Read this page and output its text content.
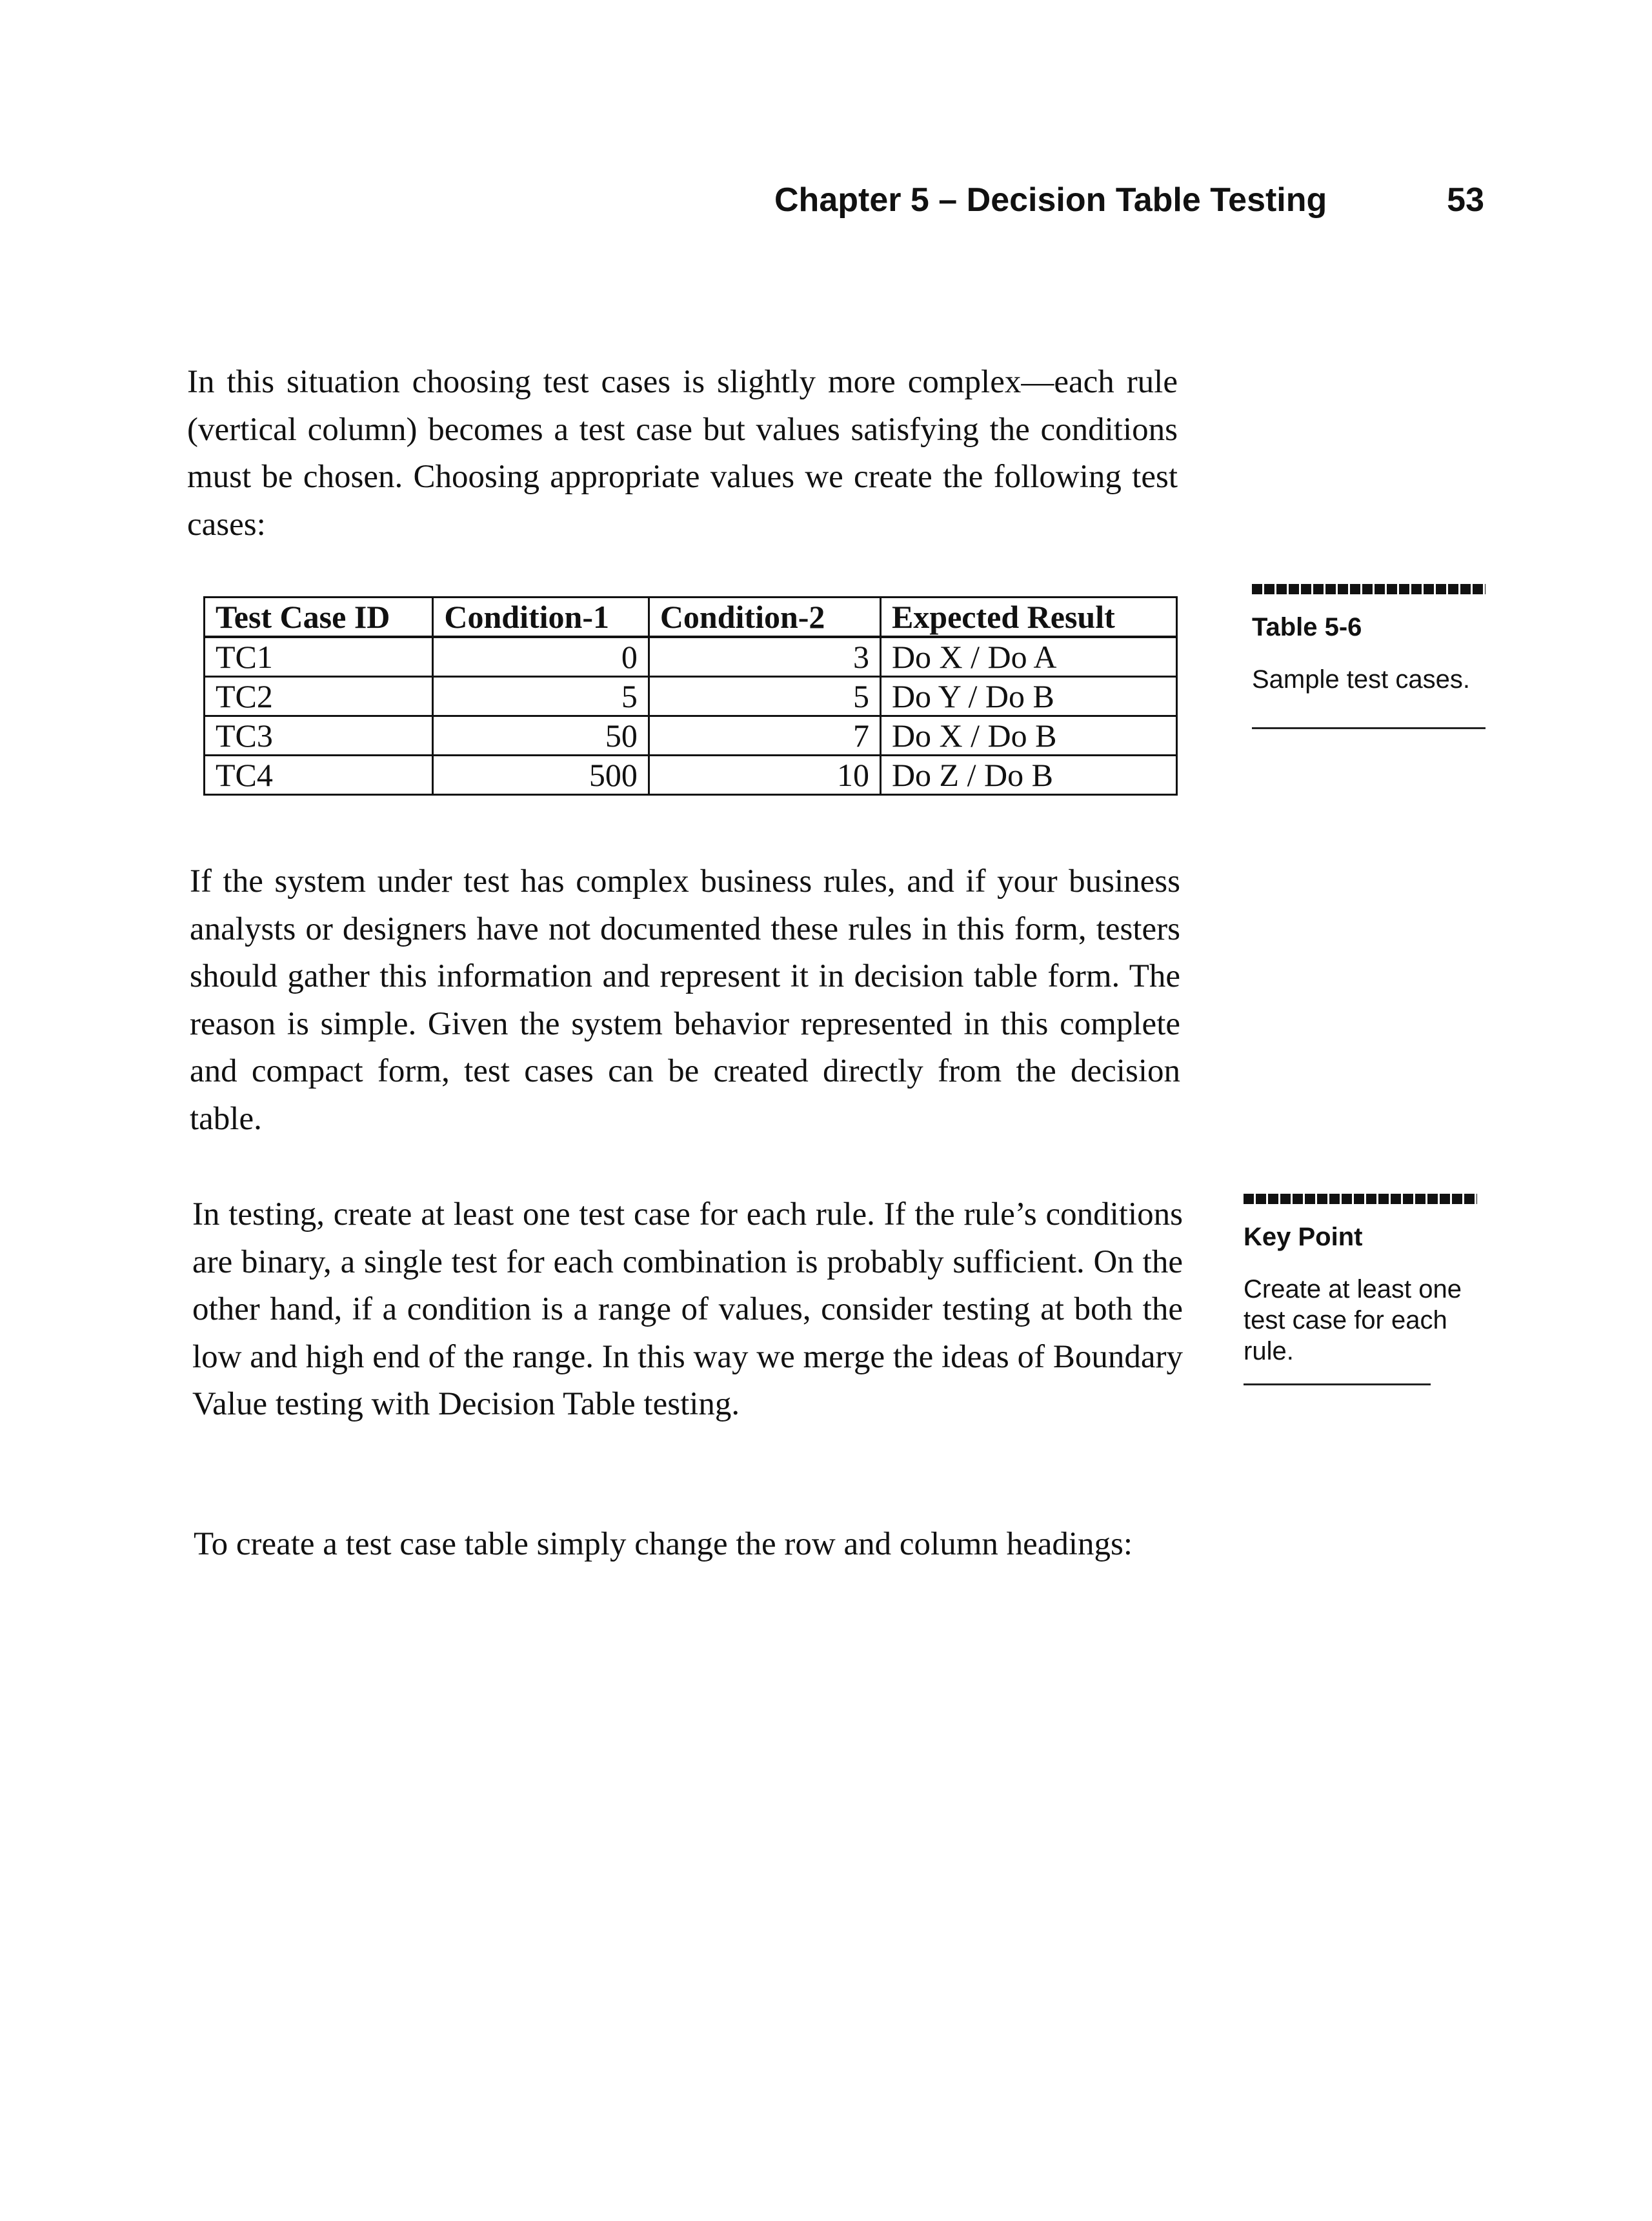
Chapter 5 – Decision Table Testing	53

In this situation choosing test cases is slightly more complex—each rule (vertical column) becomes a test case but values satisfying the conditions must be chosen. Choosing appropriate values we create the following test cases:

Test Case ID	Condition-1	Condition-2	Expected Result
TC1	0	3	Do X / Do A
TC2	5	5	Do Y / Do B
TC3	50	7	Do X / Do B
TC4	500	10	Do Z / Do B
Table 5-6
Sample test cases.

If the system under test has complex business rules, and if your business analysts or designers have not documented these rules in this form, testers should gather this information and represent it in decision table form. The reason is simple. Given the system behavior represented in this complete and compact form, test cases can be created directly from the decision table.

Key Point
Create at least one test case for each rule.

In testing, create at least one test case for each rule. If the rule’s conditions are binary, a single test for each combination is probably sufficient. On the other hand, if a condition is a range of values, consider testing at both the low and high end of the range. In this way we merge the ideas of Boundary Value testing with Decision Table testing.

To create a test case table simply change the row and column headings:
